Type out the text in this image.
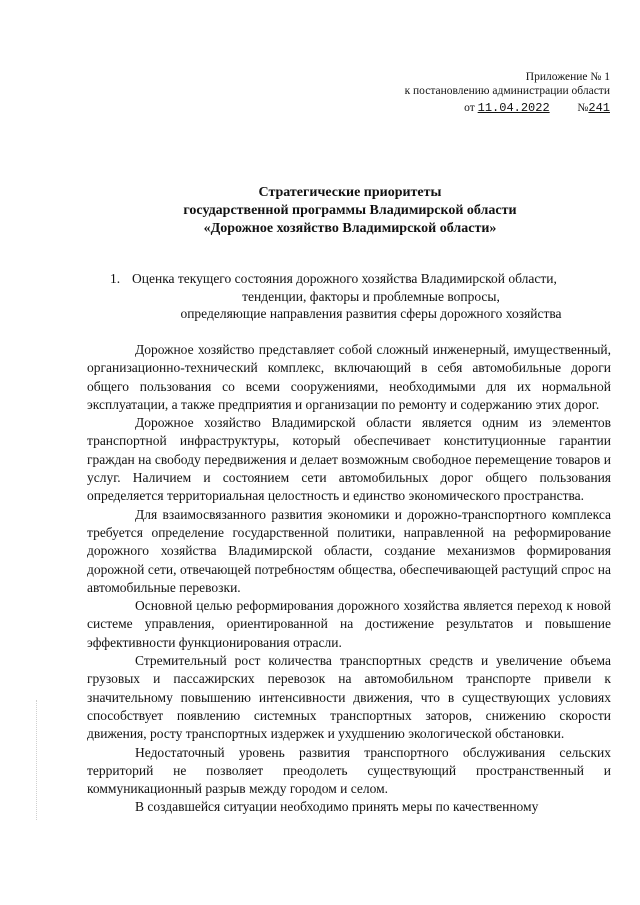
Приложение № 1
к постановлению администрации области
от 11.04.2022 №241
Стратегические приоритеты
государственной программы Владимирской области
«Дорожное хозяйство Владимирской области»
1. Оценка текущего состояния дорожного хозяйства Владимирской области,
тенденции, факторы и проблемные вопросы,
определяющие направления развития сферы дорожного хозяйства

Дорожное хозяйство представляет собой сложный инженерный, имущественный, организационно-технический комплекс, включающий в себя автомобильные дороги общего пользования со всеми сооружениями, необходимыми для их нормальной эксплуатации, а также предприятия и организации по ремонту и содержанию этих дорог.

Дорожное хозяйство Владимирской области является одним из элементов транспортной инфраструктуры, который обеспечивает конституционные гарантии граждан на свободу передвижения и делает возможным свободное перемещение товаров и услуг. Наличием и состоянием сети автомобильных дорог общего пользования определяется территориальная целостность и единство экономического пространства.

Для взаимосвязанного развития экономики и дорожно-транспортного комплекса требуется определение государственной политики, направленной на реформирование дорожного хозяйства Владимирской области, создание механизмов формирования дорожной сети, отвечающей потребностям общества, обеспечивающей растущий спрос на автомобильные перевозки.

Основной целью реформирования дорожного хозяйства является переход к новой системе управления, ориентированной на достижение результатов и повышение эффективности функционирования отрасли.

Стремительный рост количества транспортных средств и увеличение объема грузовых и пассажирских перевозок на автомобильном транспорте привели к значительному повышению интенсивности движения, что в существующих условиях способствует появлению системных транспортных заторов, снижению скорости движения, росту транспортных издержек и ухудшению экологической обстановки.

Недостаточный уровень развития транспортного обслуживания сельских территорий не позволяет преодолеть существующий пространственный и коммуникационный разрыв между городом и селом.

В создавшейся ситуации необходимо принять меры по качественному
